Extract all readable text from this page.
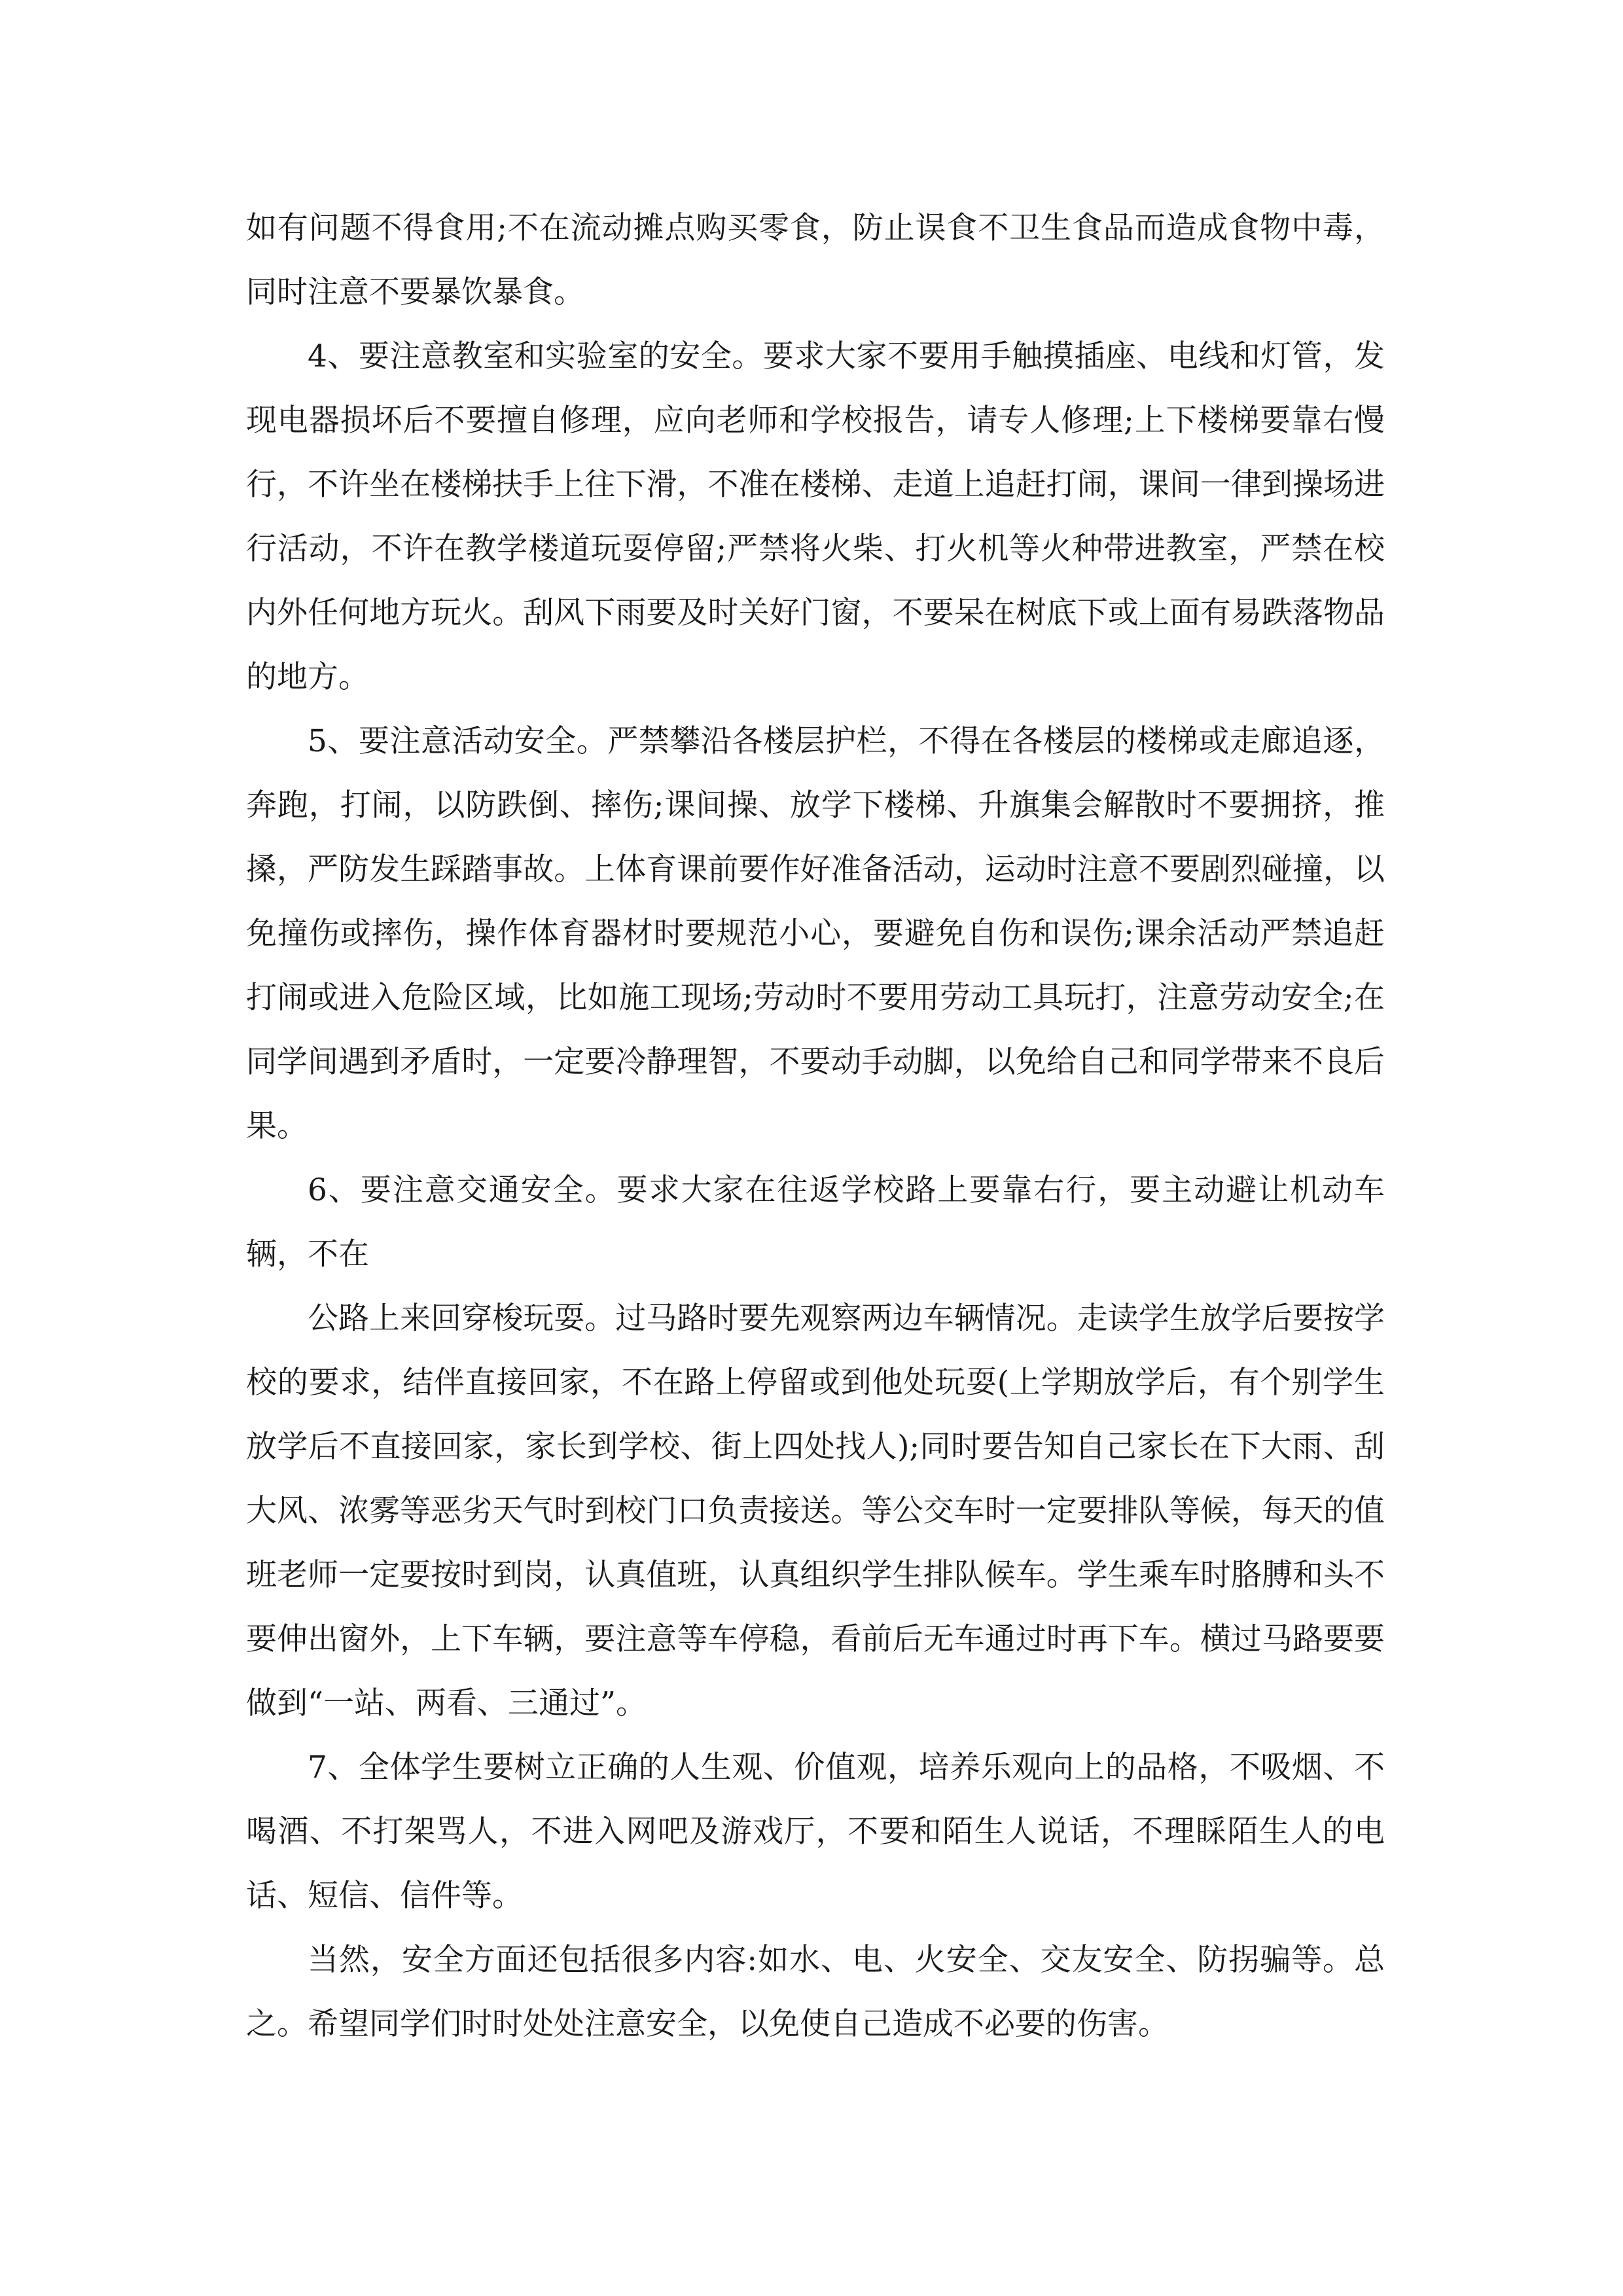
如有问题不得食用;不在流动摊点购买零食，防止误食不卫生食品而造成食物中毒，同时注意不要暴饮暴食。

4、要注意教室和实验室的安全。要求大家不要用手触摸插座、电线和灯管，发现电器损坏后不要擅自修理，应向老师和学校报告，请专人修理;上下楼梯要靠右慢行，不许坐在楼梯扶手上往下滑，不准在楼梯、走道上追赶打闹，课间一律到操场进行活动，不许在教学楼道玩耍停留;严禁将火柴、打火机等火种带进教室，严禁在校内外任何地方玩火。刮风下雨要及时关好门窗，不要呆在树底下或上面有易跌落物品的地方。

5、要注意活动安全。严禁攀沿各楼层护栏，不得在各楼层的楼梯或走廊追逐，奔跑，打闹，以防跌倒、摔伤;课间操、放学下楼梯、升旗集会解散时不要拥挤，推搡，严防发生踩踏事故。上体育课前要作好准备活动，运动时注意不要剧烈碰撞，以免撞伤或摔伤，操作体育器材时要规范小心，要避免自伤和误伤;课余活动严禁追赶打闹或进入危险区域，比如施工现场;劳动时不要用劳动工具玩打，注意劳动安全;在同学间遇到矛盾时，一定要冷静理智，不要动手动脚，以免给自己和同学带来不良后果。

6、要注意交通安全。要求大家在往返学校路上要靠右行，要主动避让机动车辆，不在

公路上来回穿梭玩耍。过马路时要先观察两边车辆情况。走读学生放学后要按学校的要求，结伴直接回家，不在路上停留或到他处玩耍(上学期放学后，有个别学生放学后不直接回家，家长到学校、街上四处找人);同时要告知自己家长在下大雨、刮大风、浓雾等恶劣天气时到校门口负责接送。等公交车时一定要排队等候，每天的值班老师一定要按时到岗，认真值班，认真组织学生排队候车。学生乘车时胳膊和头不要伸出窗外，上下车辆，要注意等车停稳，看前后无车通过时再下车。横过马路要要做到“一站、两看、三通过”。

7、全体学生要树立正确的人生观、价值观，培养乐观向上的品格，不吸烟、不喝酒、不打架骂人，不进入网吧及游戏厅，不要和陌生人说话，不理睬陌生人的电话、短信、信件等。

当然，安全方面还包括很多内容:如水、电、火安全、交友安全、防拐骗等。总之。希望同学们时时处处注意安全，以免使自己造成不必要的伤害。
